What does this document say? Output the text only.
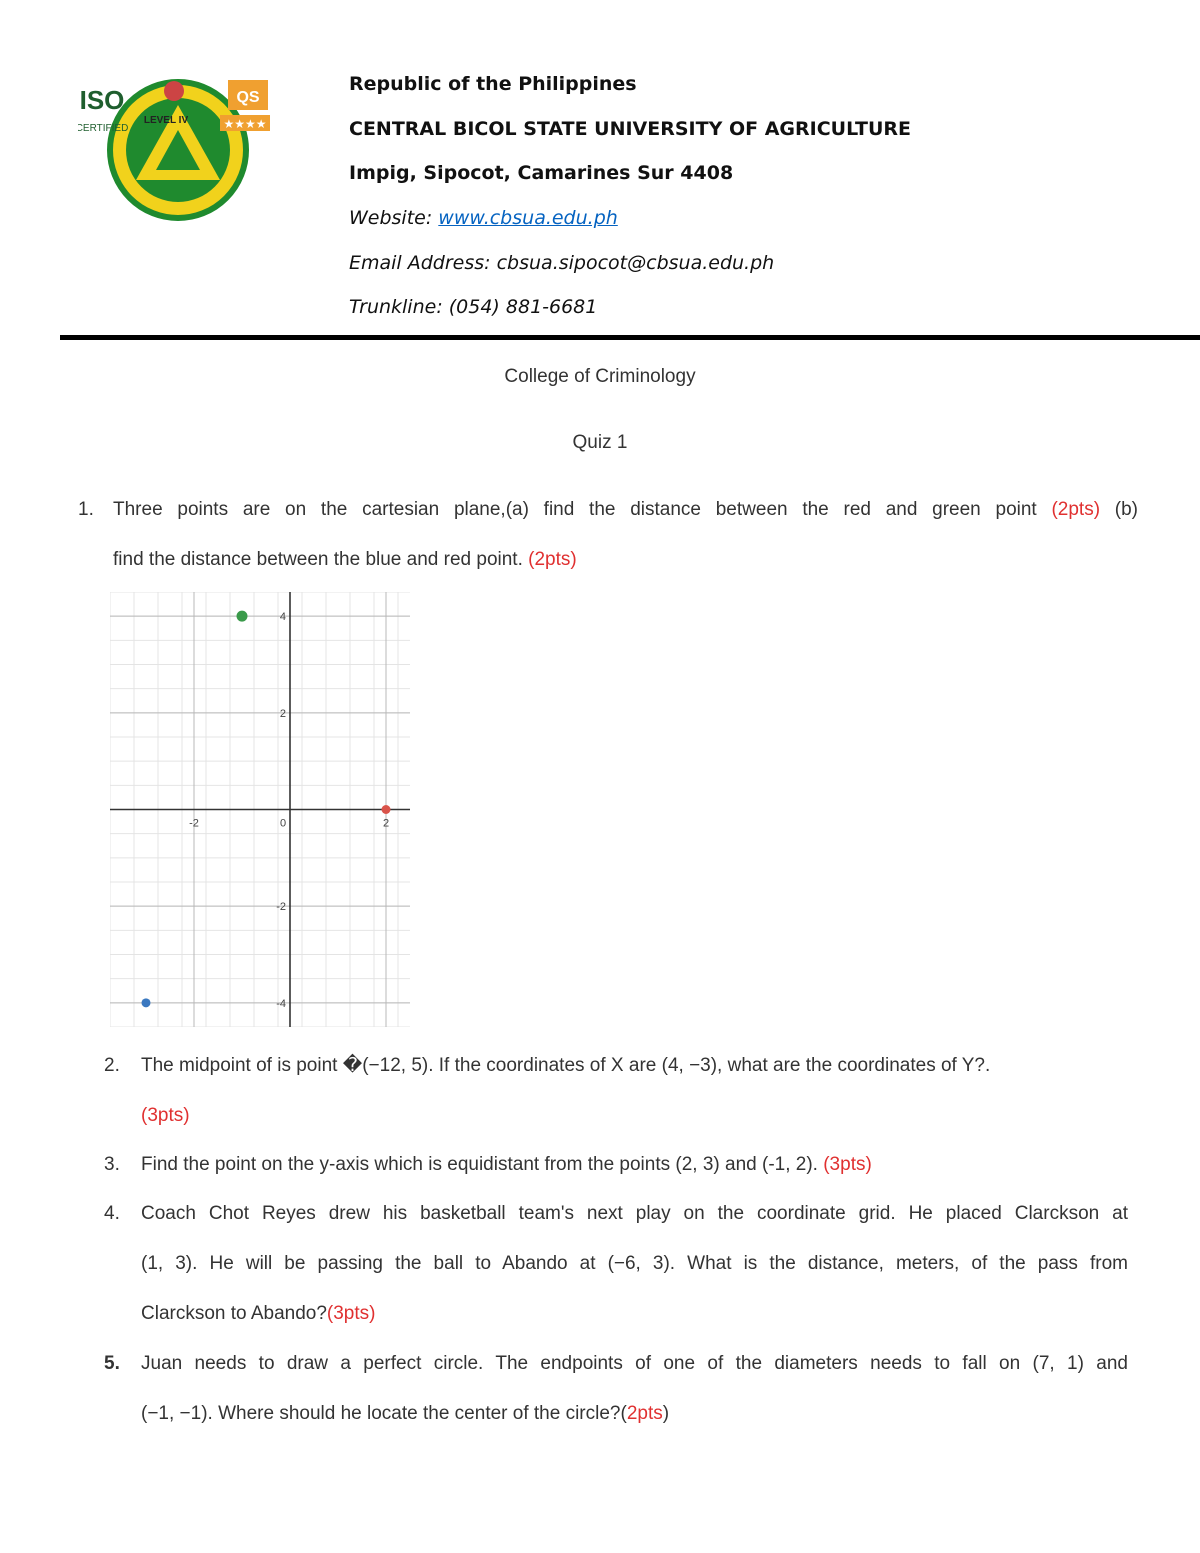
QS
★★★★
ISO
CERTIFIED
LEVEL IV
Republic of the Philippines
CENTRAL BICOL STATE UNIVERSITY OF AGRICULTURE
Impig, Sipocot, Camarines Sur 4408
Website: www.cbsua.edu.ph
Email Address: cbsua.sipocot@cbsua.edu.ph
Trunkline: (054) 881-6681
College of Criminology
Quiz 1
1. Three points are on the cartesian plane,(a) find the distance between the red and green point (2pts) (b)
find the distance between the blue and red point. (2pts)
-2	0	2
4
2
-2
-4
2. The midpoint of is point �(−12, 5). If the coordinates of X are (4, −3), what are the coordinates of Y?.
(3pts)
3. Find the point on the y-axis which is equidistant from the points (2, 3) and (-1, 2). (3pts)
4. Coach Chot Reyes drew his basketball team's next play on the coordinate grid. He placed Clarckson at
(1, 3). He will be passing the ball to Abando at (−6, 3). What is the distance, meters, of the pass from
Clarckson to Abando?(3pts)
5. Juan needs to draw a perfect circle. The endpoints of one of the diameters needs to fall on (7, 1) and
(−1, −1). Where should he locate the center of the circle?(2pts)
